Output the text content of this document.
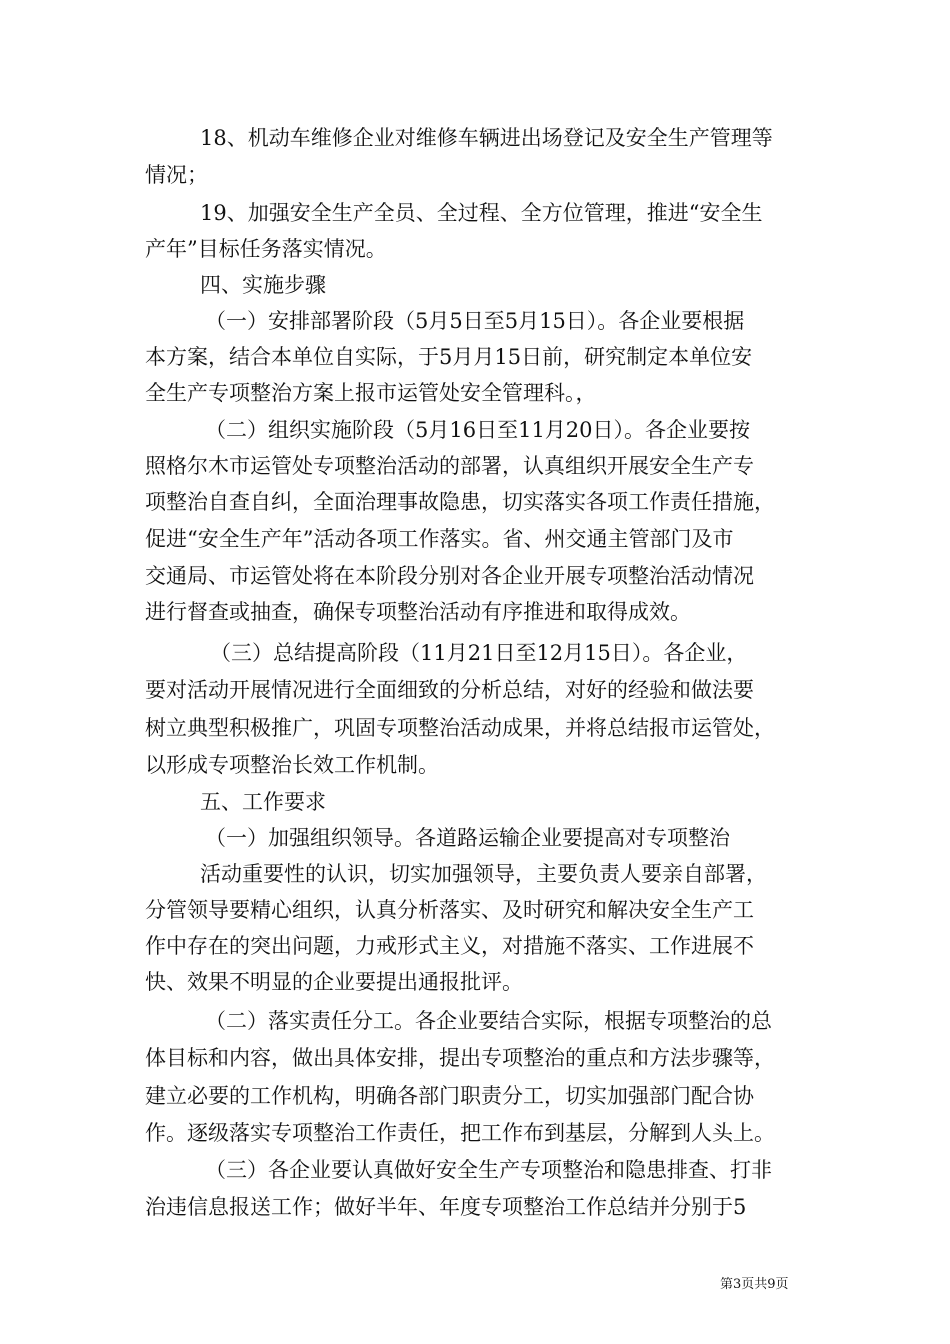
18、机动车维修企业对维修车辆进出场登记及安全生产管理等
情况；
19、加强安全生产全员、全过程、全方位管理，推进“安全生
产年”目标任务落实情况。
四、实施步骤
（一）安排部署阶段（5月5日至5月15日）。各企业要根据
本方案，结合本单位自实际，于5月月15日前，研究制定本单位安
全生产专项整治方案上报市运管处安全管理科。，
（二）组织实施阶段（5月16日至11月20日）。各企业要按
照格尔木市运管处专项整治活动的部署，认真组织开展安全生产专
项整治自查自纠，全面治理事故隐患，切实落实各项工作责任措施，
促进“安全生产年”活动各项工作落实。省、州交通主管部门及市
交通局、市运管处将在本阶段分别对各企业开展专项整治活动情况
进行督查或抽查，确保专项整治活动有序推进和取得成效。
（三）总结提高阶段（11月21日至12月15日）。各企业，
要对活动开展情况进行全面细致的分析总结，对好的经验和做法要
树立典型积极推广，巩固专项整治活动成果，并将总结报市运管处，
以形成专项整治长效工作机制。
五、工作要求
（一）加强组织领导。各道路运输企业要提高对专项整治
活动重要性的认识，切实加强领导，主要负责人要亲自部署，
分管领导要精心组织，认真分析落实、及时研究和解决安全生产工
作中存在的突出问题，力戒形式主义，对措施不落实、工作进展不
快、效果不明显的企业要提出通报批评。
（二）落实责任分工。各企业要结合实际，根据专项整治的总
体目标和内容，做出具体安排，提出专项整治的重点和方法步骤等，
建立必要的工作机构，明确各部门职责分工，切实加强部门配合协
作。逐级落实专项整治工作责任，把工作布到基层，分解到人头上。
（三）各企业要认真做好安全生产专项整治和隐患排查、打非
治违信息报送工作；做好半年、年度专项整治工作总结并分别于5
第3页共9页
